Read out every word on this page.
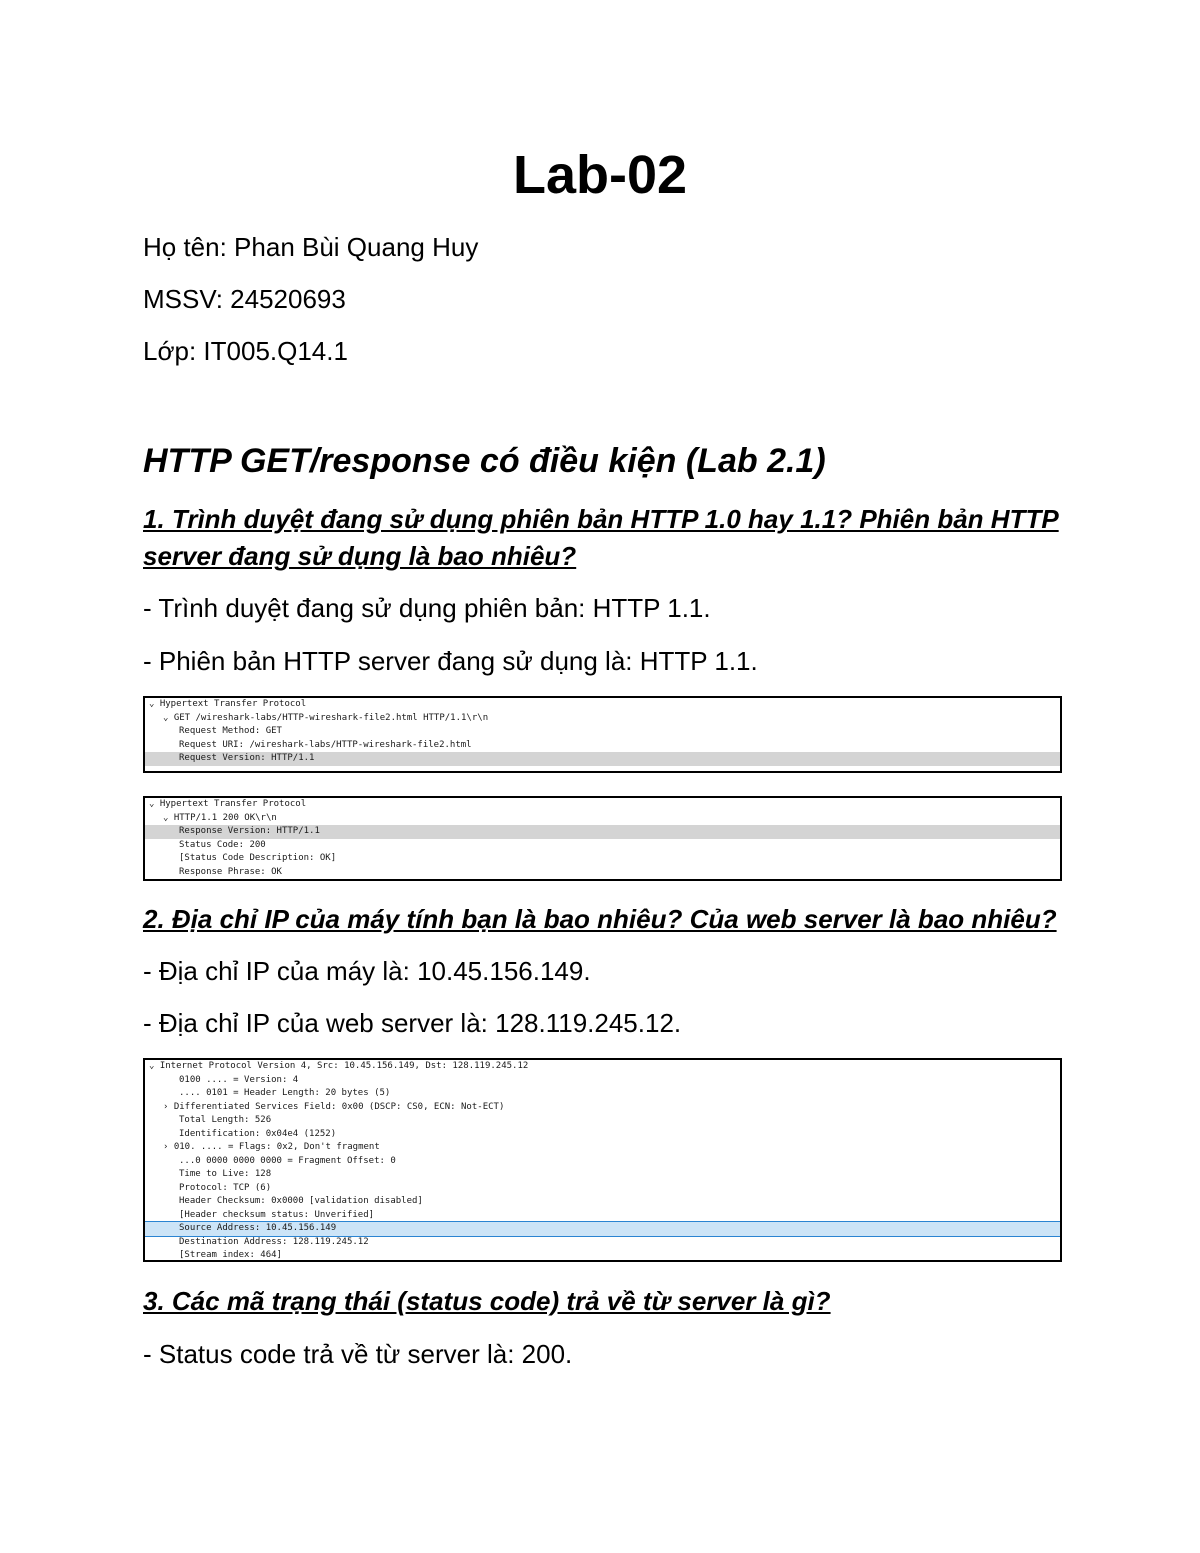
Lab-02
Họ tên: Phan Bùi Quang Huy
MSSV: 24520693
Lớp: IT005.Q14.1
HTTP GET/response có điều kiện (Lab 2.1)
1. Trình duyệt đang sử dụng phiên bản HTTP 1.0 hay 1.1? Phiên bản HTTP server đang sử dụng là bao nhiêu?
- Trình duyệt đang sử dụng phiên bản: HTTP 1.1.
- Phiên bản HTTP server đang sử dụng là: HTTP 1.1.
⌄ Hypertext Transfer Protocol
⌄ GET /wireshark-labs/HTTP-wireshark-file2.html HTTP/1.1\r\n
Request Method: GET
Request URI: /wireshark-labs/HTTP-wireshark-file2.html
Request Version: HTTP/1.1
⌄ Hypertext Transfer Protocol
⌄ HTTP/1.1 200 OK\r\n
Response Version: HTTP/1.1
Status Code: 200
[Status Code Description: OK]
Response Phrase: OK
2. Địa chỉ IP của máy tính bạn là bao nhiêu? Của web server là bao nhiêu?
- Địa chỉ IP của máy là: 10.45.156.149.
- Địa chỉ IP của web server là: 128.119.245.12.
⌄ Internet Protocol Version 4, Src: 10.45.156.149, Dst: 128.119.245.12
0100 .... = Version: 4
.... 0101 = Header Length: 20 bytes (5)
› Differentiated Services Field: 0x00 (DSCP: CS0, ECN: Not-ECT)
Total Length: 526
Identification: 0x04e4 (1252)
› 010. .... = Flags: 0x2, Don't fragment
...0 0000 0000 0000 = Fragment Offset: 0
Time to Live: 128
Protocol: TCP (6)
Header Checksum: 0x0000 [validation disabled]
[Header checksum status: Unverified]
Source Address: 10.45.156.149
Destination Address: 128.119.245.12
[Stream index: 464]
3. Các mã trạng thái (status code) trả về từ server là gì?
- Status code trả về từ server là: 200.
